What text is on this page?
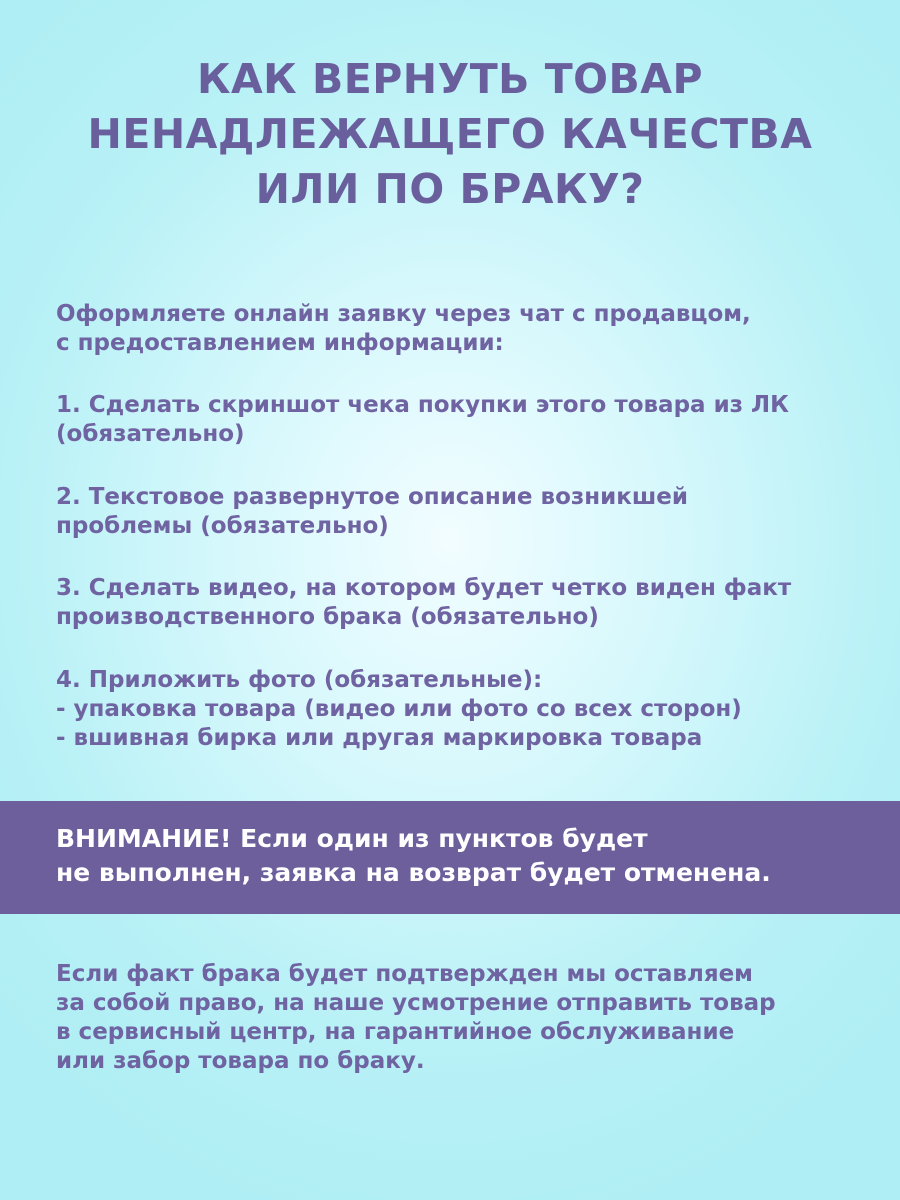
КАК ВЕРНУТЬ ТОВАР
НЕНАДЛЕЖАЩЕГО КАЧЕСТВА
ИЛИ ПО БРАКУ?

Оформляете онлайн заявку через чат с продавцом,
с предоставлением информации:

1. Сделать скриншот чека покупки этого товара из ЛК
(обязательно)

2. Текстовое развернутое описание возникшей
проблемы (обязательно)

3. Сделать видео, на котором будет четко виден факт
производственного брака (обязательно)

4. Приложить фото (обязательные):
- упаковка товара (видео или фото со всех сторон)
- вшивная бирка или другая маркировка товара

ВНИМАНИЕ! Если один из пунктов будет
не выполнен, заявка на возврат будет отменена.

Если факт брака будет подтвержден мы оставляем
за собой право, на наше усмотрение отправить товар
в сервисный центр, на гарантийное обслуживание
или забор товара по браку.
